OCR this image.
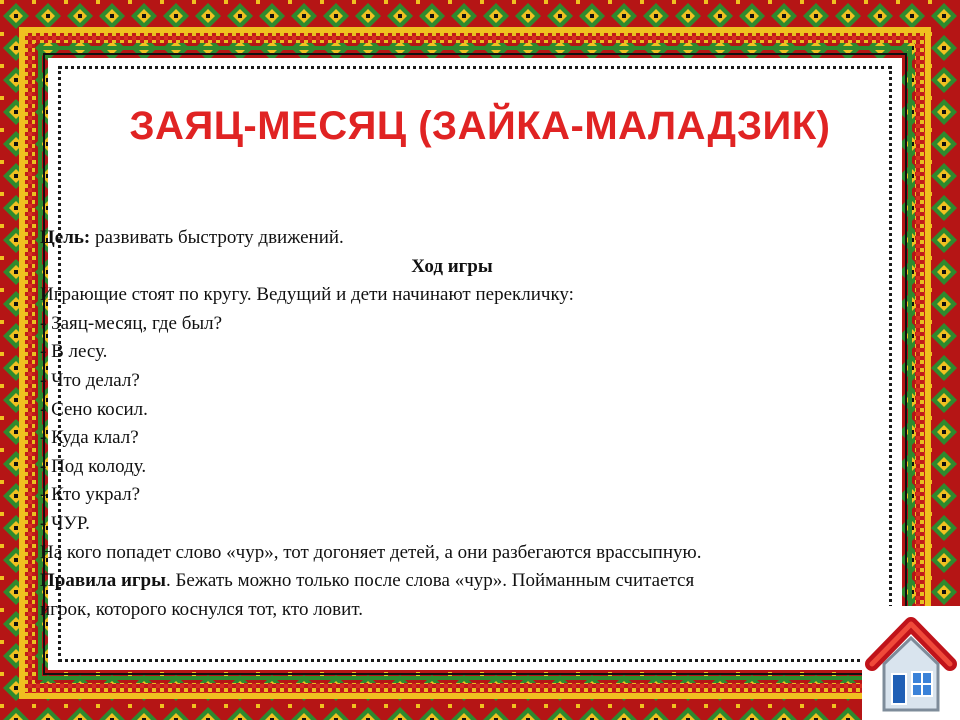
ЗАЯЦ-МЕСЯЦ (ЗАЙКА-МАЛАДЗИК)
Цель: развивать быстроту движений.
Ход игры
Играющие стоят по кругу. Ведущий и дети начинают перекличку:
- Заяц-месяц, где был?
- В лесу.
- Что делал?
- Сено косил.
- Куда клал?
- Под колоду.
- Кто украл?
- ЧУР.
На кого попадет слово «чур», тот догоняет детей, а они разбегаются врассыпную.
Правила игры. Бежать можно только после слова «чур». Пойманным считается
игрок, которого коснулся тот, кто ловит.
